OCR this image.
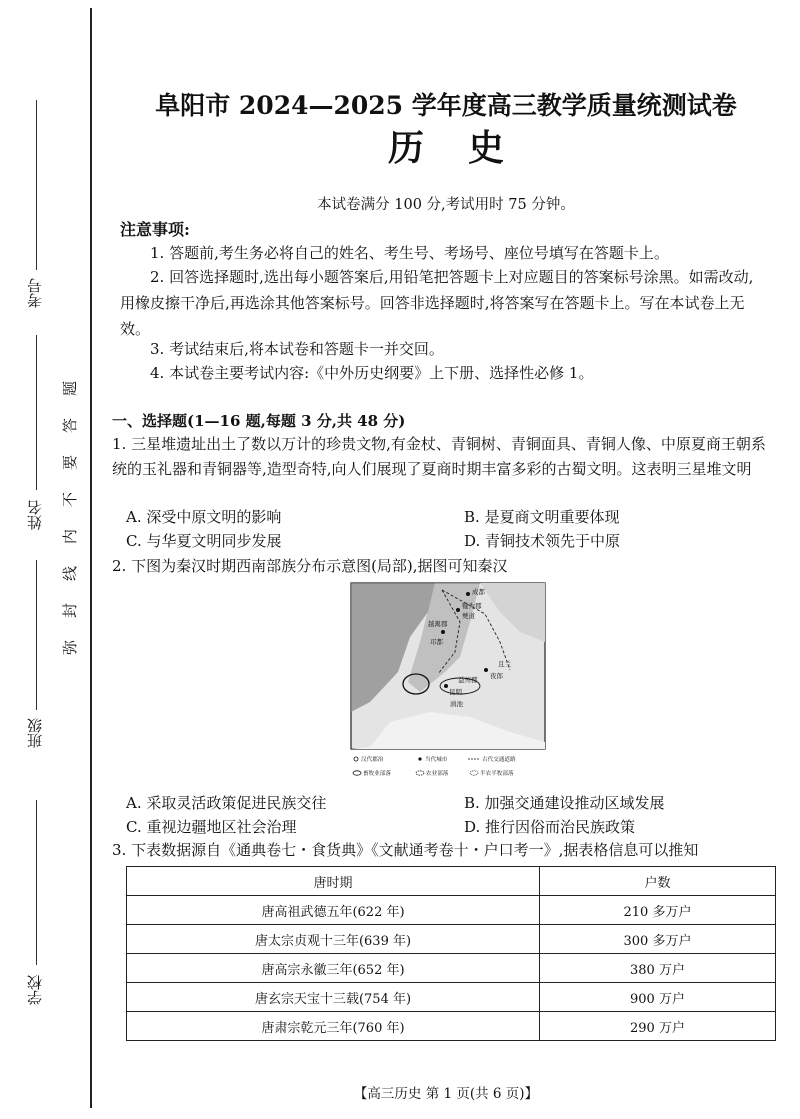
考号
姓名
班级
学校
题
答
要
不
内
线
封
弥
阜阳市 2024—2025 学年度高三教学质量统测试卷
历史
本试卷满分 100 分,考试用时 75 分钟。
注意事项:
1. 答题前,考生务必将自己的姓名、考生号、考场号、座位号填写在答题卡上。
2. 回答选择题时,选出每小题答案后,用铅笔把答题卡上对应题目的答案标号涂黑。如需改动,用橡皮擦干净后,再选涂其他答案标号。回答非选择题时,将答案写在答题卡上。写在本试卷上无效。
3. 考试结束后,将本试卷和答题卡一并交回。
4. 本试卷主要考试内容:《中外历史纲要》上下册、选择性必修 1。
一、选择题(1—16 题,每题 3 分,共 48 分)
1. 三星堆遗址出土了数以万计的珍贵文物,有金杖、青铜树、青铜面具、青铜人像、中原夏商王朝系统的玉礼器和青铜器等,造型奇特,向人们展现了夏商时期丰富多彩的古蜀文明。这表明三星堆文明
A. 深受中原文明的影响	B. 是夏商文明重要体现
C. 与华夏文明同步发展	D. 青铜技术领先于中原
2. 下图为秦汉时期西南部族分布示意图(局部),据图可知秦汉
成都
犍为郡
僰道
越嶲郡
邛都
昆明
滇池
夜郎
益州郡
且兰
汉代郡治	当代城市	古代交通道路
畜牧业部落	农业部落	半农半牧部落
A. 采取灵活政策促进民族交往	B. 加强交通建设推动区域发展
C. 重视边疆地区社会治理	D. 推行因俗而治民族政策
3. 下表数据源自《通典卷七・食货典》《文献通考卷十・户口考一》,据表格信息可以推知
唐时期	户数
唐高祖武德五年(622 年)	210 多万户
唐太宗贞观十三年(639 年)	300 多万户
唐高宗永徽三年(652 年)	380 万户
唐玄宗天宝十三载(754 年)	900 万户
唐肃宗乾元三年(760 年)	290 万户
【高三历史 第 1 页(共 6 页)】
